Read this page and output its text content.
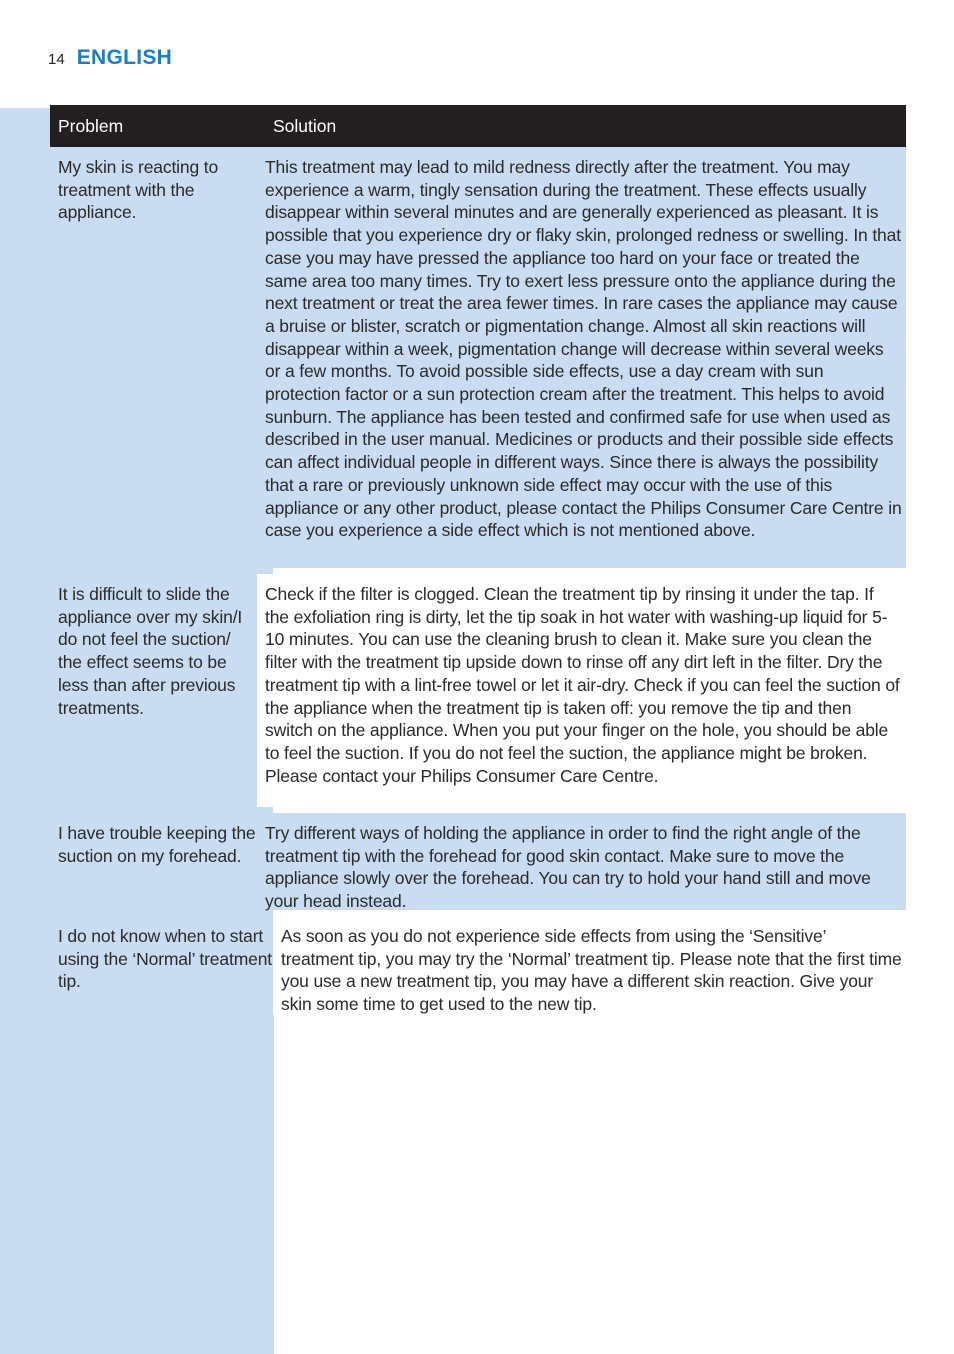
14 ENGLISH
Problem	Solution
My skin is reacting to treatment with the appliance.
This treatment may lead to mild redness directly after the treatment. You may experience a warm, tingly sensation during the treatment. These effects usually disappear within several minutes and are generally experienced as pleasant. It is possible that you experience dry or flaky skin, prolonged redness or swelling. In that case you may have pressed the appliance too hard on your face or treated the same area too many times. Try to exert less pressure onto the appliance during the next treatment or treat the area fewer times. In rare cases the appliance may cause a bruise or blister, scratch or pigmentation change. Almost all skin reactions will disappear within a week, pigmentation change will decrease within several weeks or a few months. To avoid possible side effects, use a day cream with sun protection factor or a sun protection cream after the treatment. This helps to avoid sunburn. The appliance has been tested and confirmed safe for use when used as described in the user manual. Medicines or products and their possible side effects can affect individual people in different ways. Since there is always the possibility that a rare or previously unknown side effect may occur with the use of this appliance or any other product, please contact the Philips Consumer Care Centre in case you experience a side effect which is not mentioned above.
It is difficult to slide the appliance over my skin/I do not feel the suction/ the effect seems to be less than after previous treatments.
Check if the filter is clogged. Clean the treatment tip by rinsing it under the tap. If the exfoliation ring is dirty, let the tip soak in hot water with washing-up liquid for 5-10 minutes. You can use the cleaning brush to clean it. Make sure you clean the filter with the treatment tip upside down to rinse off any dirt left in the filter. Dry the treatment tip with a lint-free towel or let it air-dry. Check if you can feel the suction of the appliance when the treatment tip is taken off: you remove the tip and then switch on the appliance. When you put your finger on the hole, you should be able to feel the suction. If you do not feel the suction, the appliance might be broken. Please contact your Philips Consumer Care Centre.
I have trouble keeping the suction on my forehead.
Try different ways of holding the appliance in order to find the right angle of the treatment tip with the forehead for good skin contact. Make sure to move the appliance slowly over the forehead. You can try to hold your hand still and move your head instead.
I do not know when to start using the ‘Normal’ treatment tip.
As soon as you do not experience side effects from using the ‘Sensitive’ treatment tip, you may try the ‘Normal’ treatment tip. Please note that the first time you use a new treatment tip, you may have a different skin reaction. Give your skin some time to get used to the new tip.
